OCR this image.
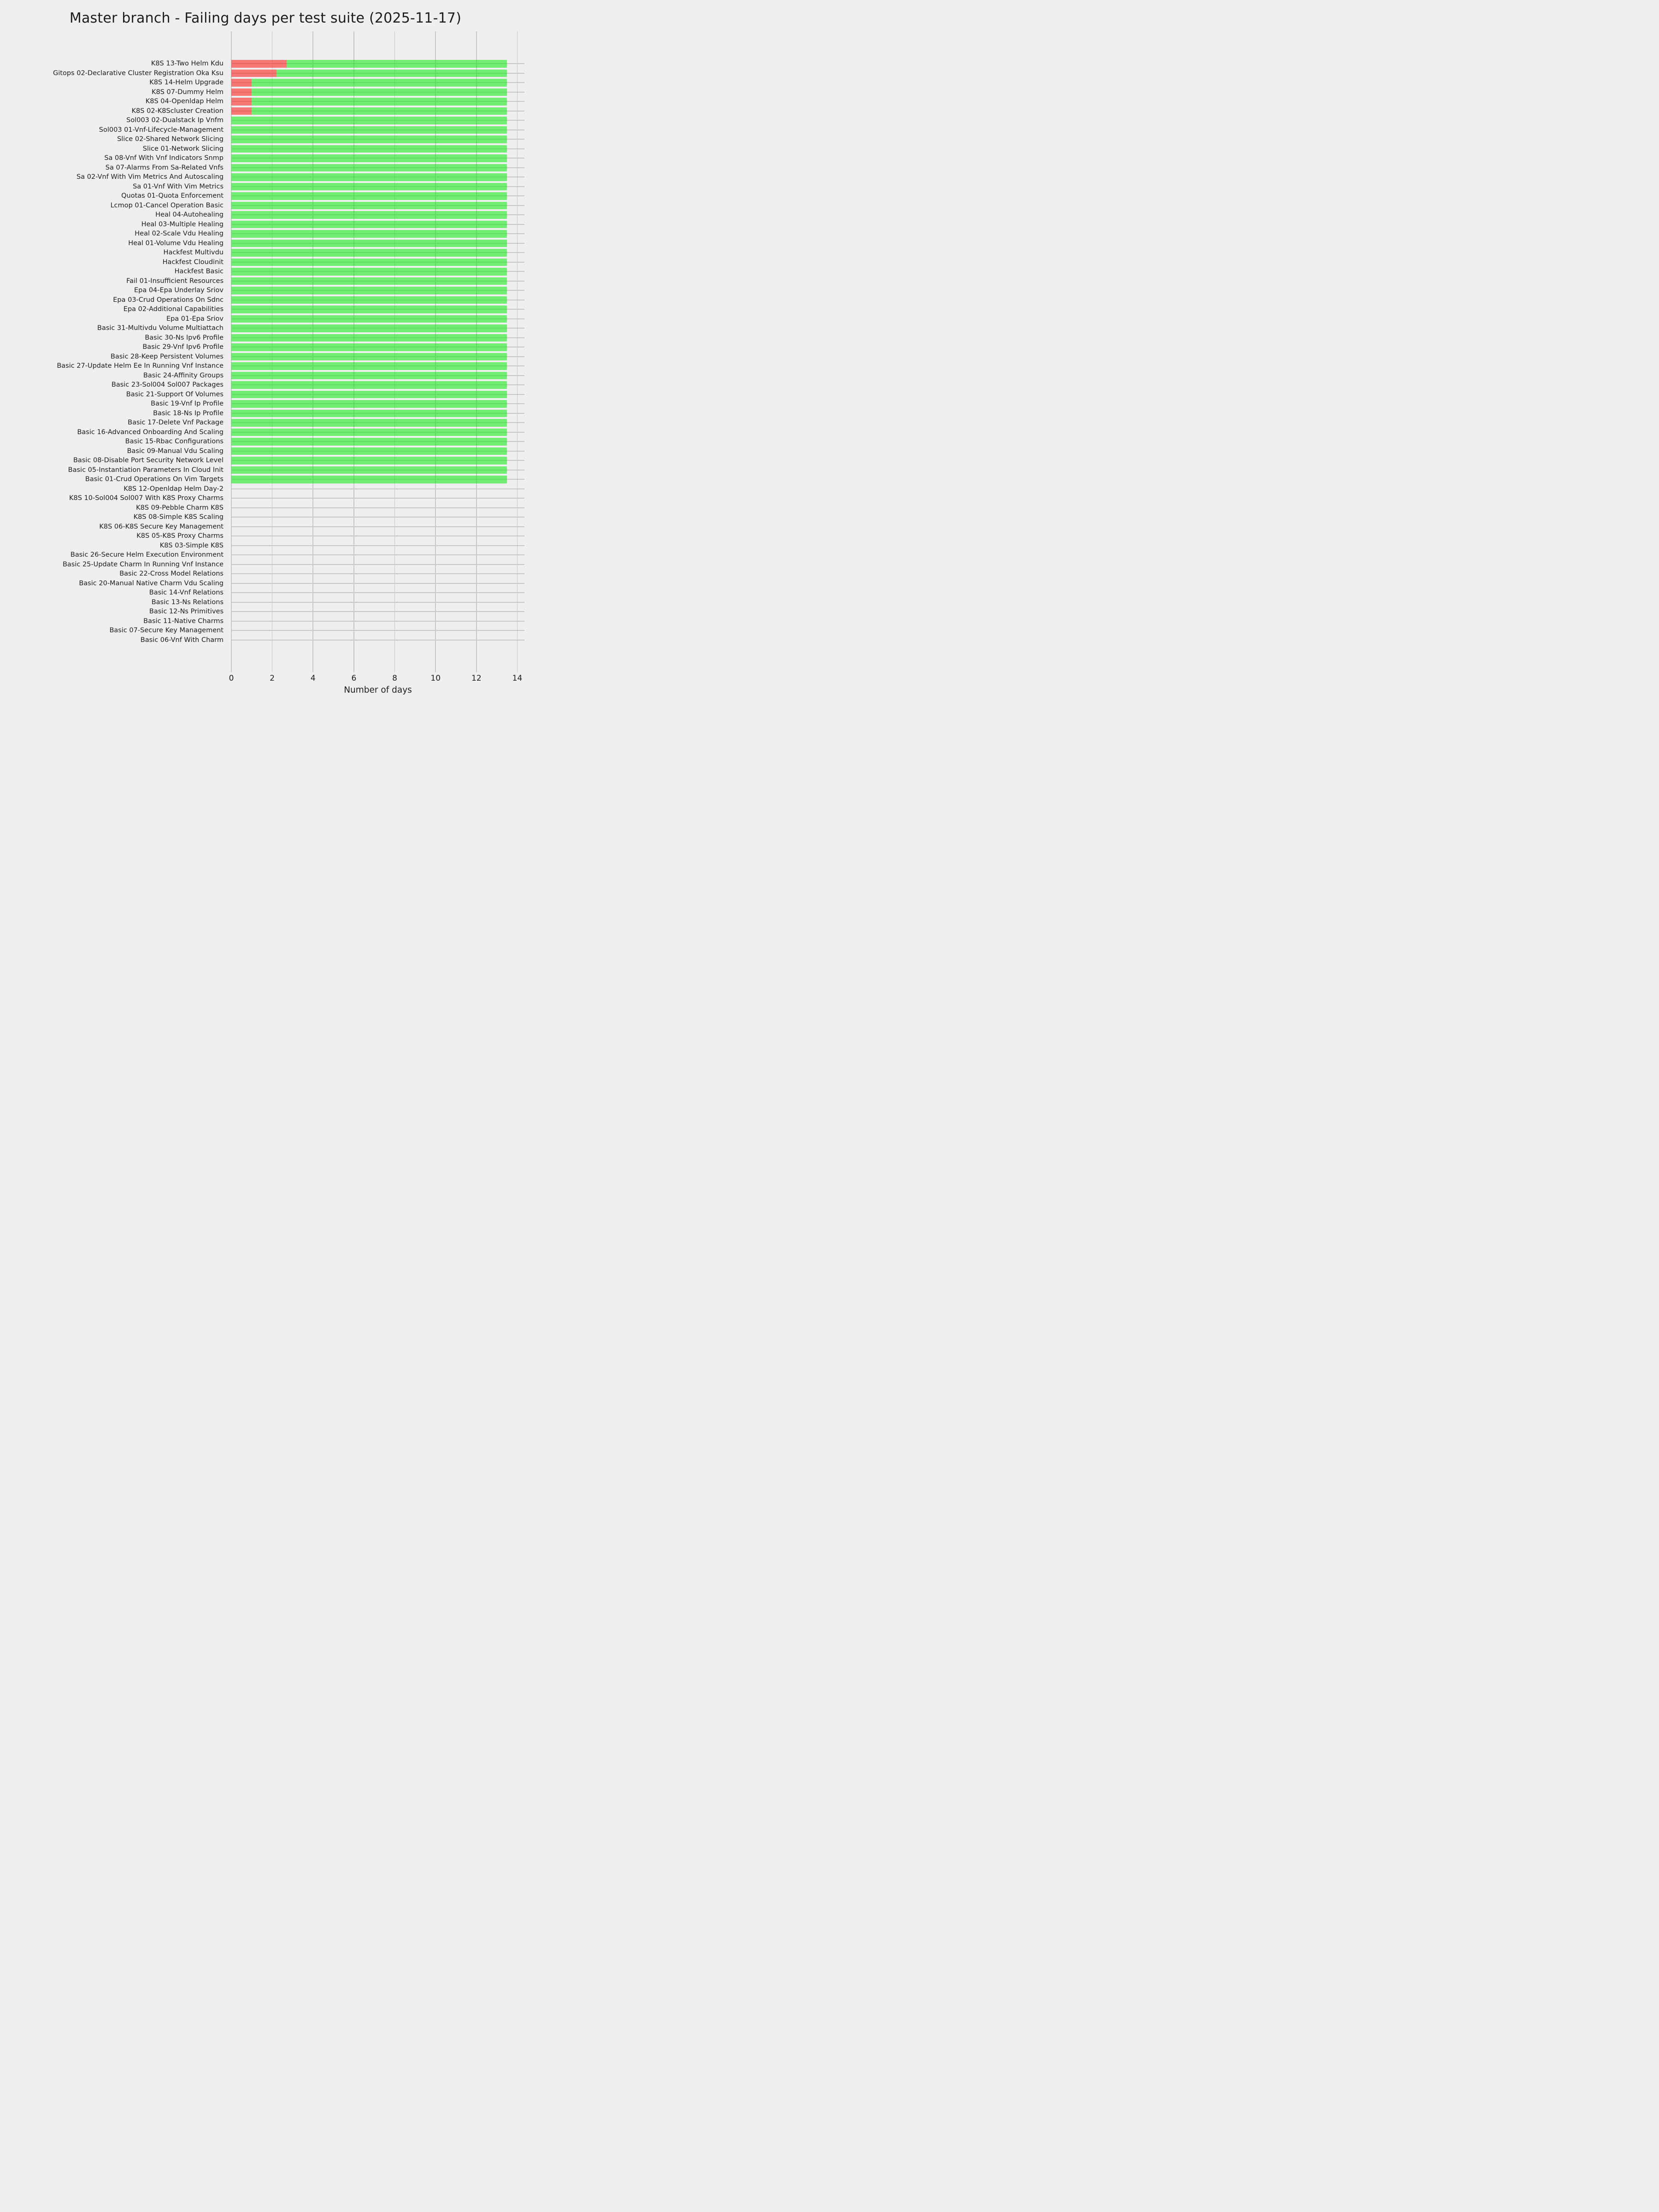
Master branch - Failing days per test suite (2025-11-17)
K8S 13-Two Helm Kdu
Gitops 02-Declarative Cluster Registration Oka Ksu
K8S 14-Helm Upgrade
K8S 07-Dummy Helm
K8S 04-Openldap Helm
K8S 02-K8Scluster Creation
Sol003 02-Dualstack Ip Vnfm
Sol003 01-Vnf-Lifecycle-Management
Slice 02-Shared Network Slicing
Slice 01-Network Slicing
Sa 08-Vnf With Vnf Indicators Snmp
Sa 07-Alarms From Sa-Related Vnfs
Sa 02-Vnf With Vim Metrics And Autoscaling
Sa 01-Vnf With Vim Metrics
Quotas 01-Quota Enforcement
Lcmop 01-Cancel Operation Basic
Heal 04-Autohealing
Heal 03-Multiple Healing
Heal 02-Scale Vdu Healing
Heal 01-Volume Vdu Healing
Hackfest Multivdu
Hackfest Cloudinit
Hackfest Basic
Fail 01-Insufficient Resources
Epa 04-Epa Underlay Sriov
Epa 03-Crud Operations On Sdnc
Epa 02-Additional Capabilities
Epa 01-Epa Sriov
Basic 31-Multivdu Volume Multiattach
Basic 30-Ns Ipv6 Profile
Basic 29-Vnf Ipv6 Profile
Basic 28-Keep Persistent Volumes
Basic 27-Update Helm Ee In Running Vnf Instance
Basic 24-Affinity Groups
Basic 23-Sol004 Sol007 Packages
Basic 21-Support Of Volumes
Basic 19-Vnf Ip Profile
Basic 18-Ns Ip Profile
Basic 17-Delete Vnf Package
Basic 16-Advanced Onboarding And Scaling
Basic 15-Rbac Configurations
Basic 09-Manual Vdu Scaling
Basic 08-Disable Port Security Network Level
Basic 05-Instantiation Parameters In Cloud Init
Basic 01-Crud Operations On Vim Targets
K8S 12-Openldap Helm Day-2
K8S 10-Sol004 Sol007 With K8S Proxy Charms
K8S 09-Pebble Charm K8S
K8S 08-Simple K8S Scaling
K8S 06-K8S Secure Key Management
K8S 05-K8S Proxy Charms
K8S 03-Simple K8S
Basic 26-Secure Helm Execution Environment
Basic 25-Update Charm In Running Vnf Instance
Basic 22-Cross Model Relations
Basic 20-Manual Native Charm Vdu Scaling
Basic 14-Vnf Relations
Basic 13-Ns Relations
Basic 12-Ns Primitives
Basic 11-Native Charms
Basic 07-Secure Key Management
Basic 06-Vnf With Charm
0	2	4	6	8	10	12	14
Number of days
